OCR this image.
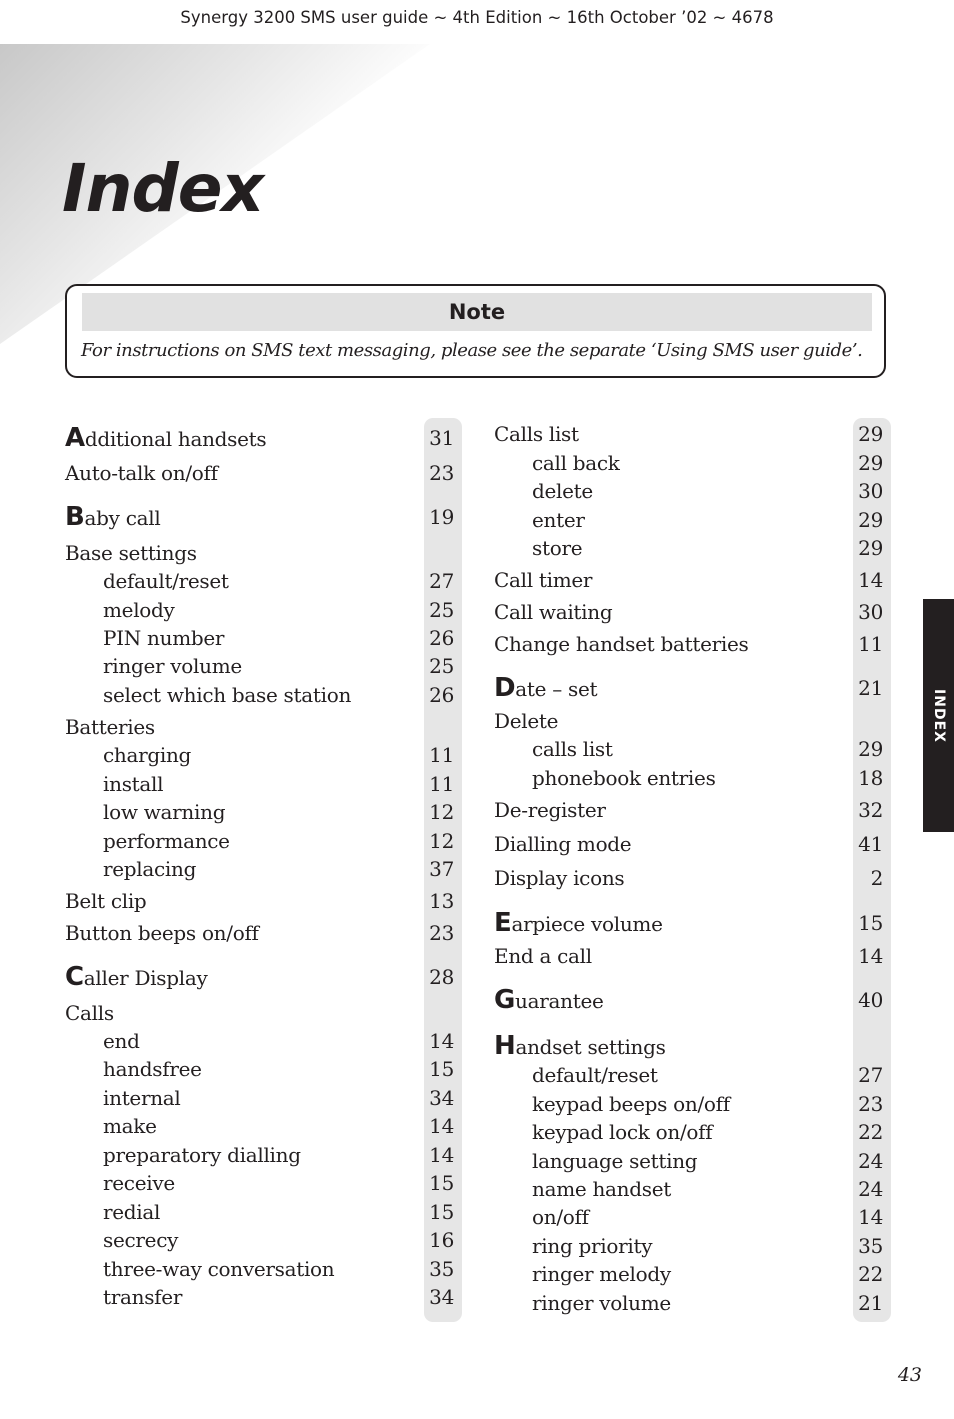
Synergy 3200 SMS user guide ~ 4th Edition ~ 16th October ’02 ~ 4678
Index
Note
For instructions on SMS text messaging, please see the separate ‘Using SMS user guide’.
Additional handsets	31
Auto-talk on/off	23
Baby call	19
Base settings
default/reset	27
melody	25
PIN number	26
ringer volume	25
select which base station	26
Batteries
charging	11
install	11
low warning	12
performance	12
replacing	37
Belt clip	13
Button beeps on/off	23
Caller Display	28
Calls
end	14
handsfree	15
internal	34
make	14
preparatory dialling	14
receive	15
redial	15
secrecy	16
three-way conversation	35
transfer	34
Calls list	29
call back	29
delete	30
enter	29
store	29
Call timer	14
Call waiting	30
Change handset batteries	11
Date – set	21
Delete
calls list	29
phonebook entries	18
De-register	32
Dialling mode	41
Display icons	2
Earpiece volume	15
End a call	14
Guarantee	40
Handset settings
default/reset	27
keypad beeps on/off	23
keypad lock on/off	22
language setting	24
name handset	24
on/off	14
ring priority	35
ringer melody	22
ringer volume	21
INDEX
43
